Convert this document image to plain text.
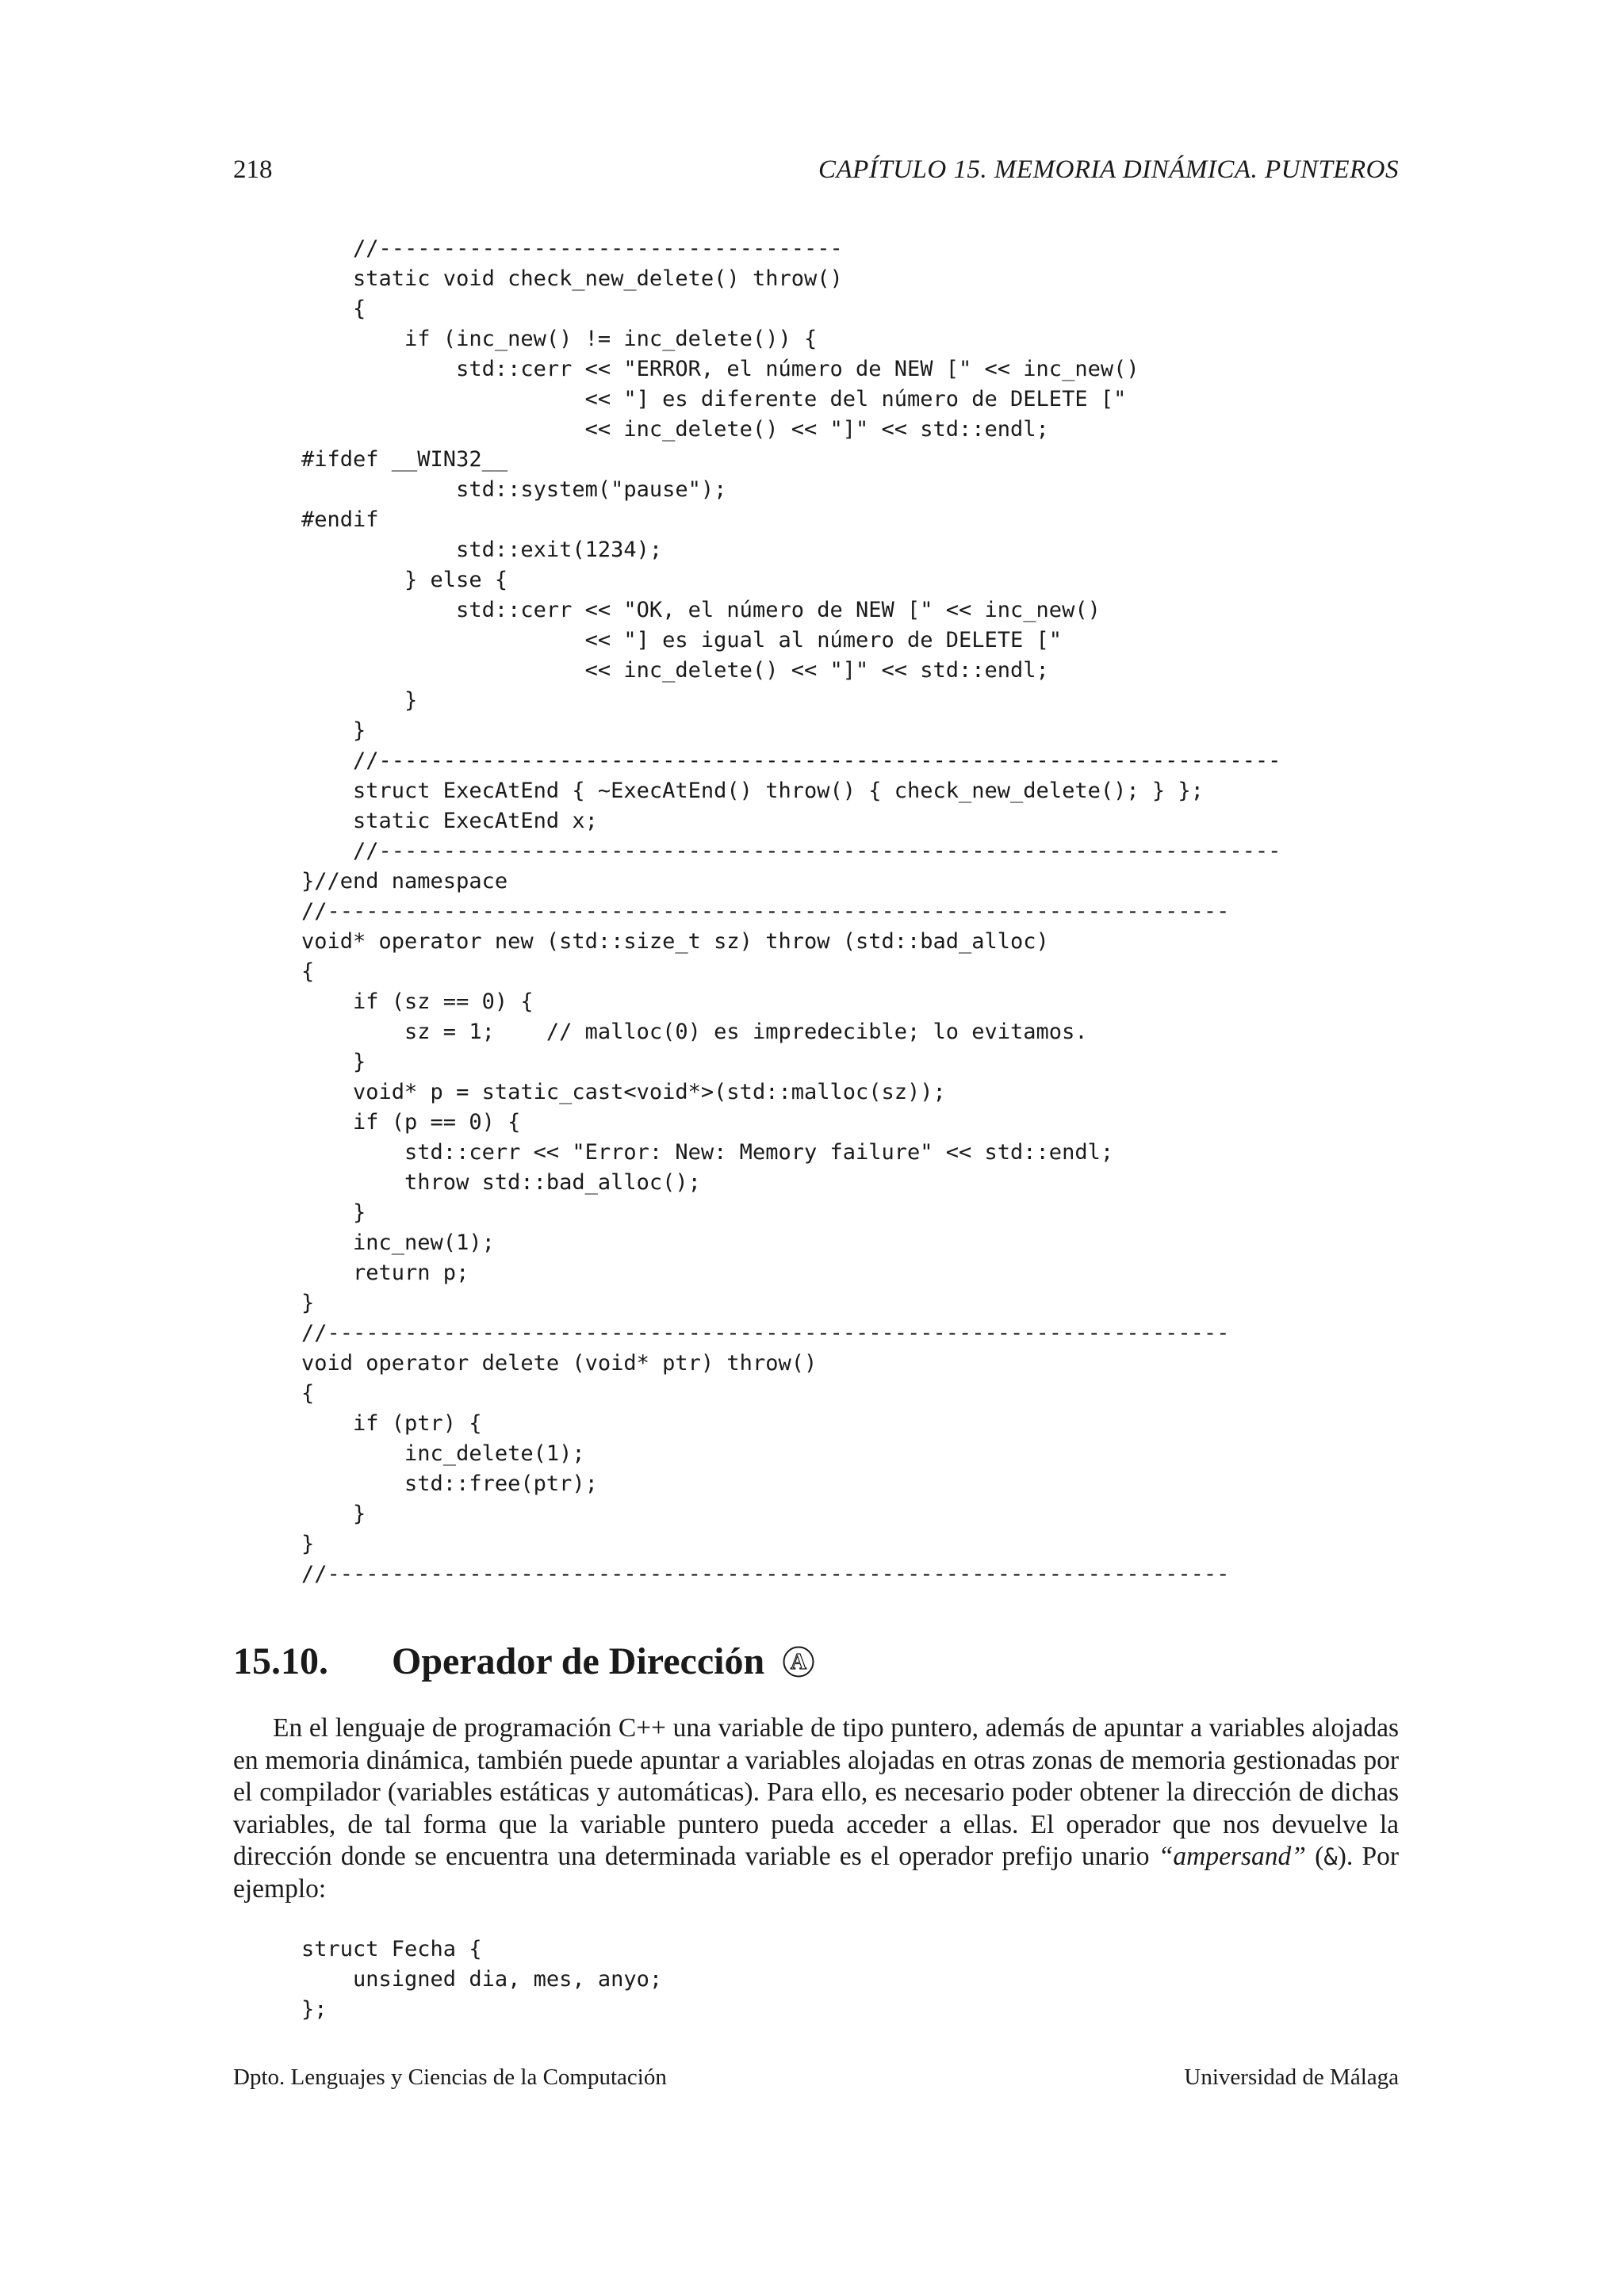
218	CAPÍTULO 15. MEMORIA DINÁMICA. PUNTEROS
//------------------------------------
static void check_new_delete() throw()
{
if (inc_new() != inc_delete()) {
std::cerr << "ERROR, el número de NEW [" << inc_new()
<< "] es diferente del número de DELETE ["
<< inc_delete() << "]" << std::endl;
#ifdef __WIN32__
std::system("pause");
#endif
std::exit(1234);
} else {
std::cerr << "OK, el número de NEW [" << inc_new()
<< "] es igual al número de DELETE ["
<< inc_delete() << "]" << std::endl;
}
}
//----------------------------------------------------------------------
struct ExecAtEnd { ~ExecAtEnd() throw() { check_new_delete(); } };
static ExecAtEnd x;
//----------------------------------------------------------------------
}//end namespace
//----------------------------------------------------------------------
void* operator new (std::size_t sz) throw (std::bad_alloc)
{
if (sz == 0) {
sz = 1;    // malloc(0) es impredecible; lo evitamos.
}
void* p = static_cast<void*>(std::malloc(sz));
if (p == 0) {
std::cerr << "Error: New: Memory failure" << std::endl;
throw std::bad_alloc();
}
inc_new(1);
return p;
}
//----------------------------------------------------------------------
void operator delete (void* ptr) throw()
{
if (ptr) {
inc_delete(1);
std::free(ptr);
}
}
//----------------------------------------------------------------------
15.10. Operador de Dirección A
En el lenguaje de programación C++ una variable de tipo puntero, además de apuntar a variables alojadas en memoria dinámica, también puede apuntar a variables alojadas en otras zonas de memoria gestionadas por el compilador (variables estáticas y automáticas). Para ello, es necesario poder obtener la dirección de dichas variables, de tal forma que la variable puntero pueda acceder a ellas. El operador que nos devuelve la dirección donde se encuentra una determinada variable es el operador prefijo unario “ampersand” (&). Por ejemplo:
struct Fecha {
unsigned dia, mes, anyo;
};
Dpto. Lenguajes y Ciencias de la Computación	Universidad de Málaga
